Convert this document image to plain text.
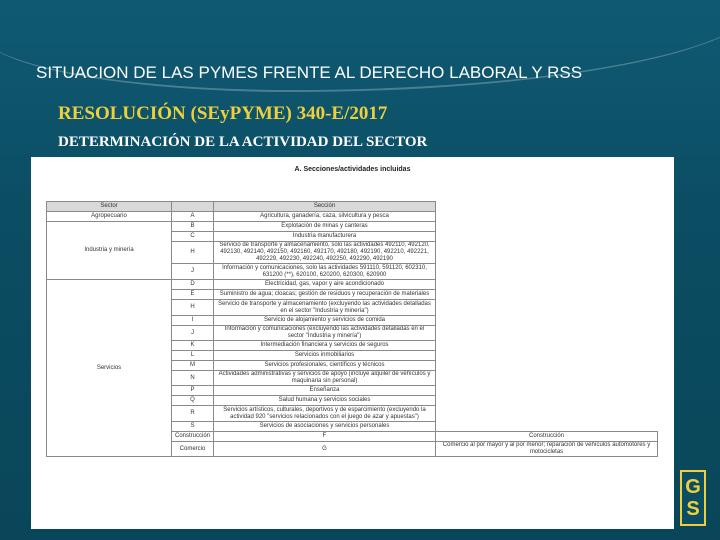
SITUACION DE LAS PYMES FRENTE AL DERECHO LABORAL Y RSS
RESOLUCIÓN (SEyPYME) 340-E/2017
DETERMINACIÓN DE LA ACTIVIDAD DEL SECTOR
A. Secciones/actividades incluidas
Sector		Sección	
Agropecuario	A	Agricultura, ganadería, caza, silvicultura y pesca	
Industria y minería	B	Explotación de minas y canteras	
	C	Industria manufacturera	
	H	Servicio de transporte y almacenamiento, solo las actividades 492110, 492120, 492130, 492140, 492150, 492160, 492170, 492180, 492190, 492210, 492221, 492229, 492230, 492240, 492250, 492290, 492190	
	J	Información y comunicaciones, solo las actividades 591110, 591120, 602310, 631200 (**), 620100, 620200, 620300, 620900	
Servicios	D	Electricidad, gas, vapor y aire acondicionado	
	E	Suministro de agua; cloacas; gestión de residuos y recuperación de materiales	
	H	Servicio de transporte y almacenamiento (excluyendo las actividades detalladas en el sector "Industria y minería")	
	I	Servicio de alojamiento y servicios de comida	
	J	Información y comunicaciones (excluyendo las actividades detalladas en el sector "Industria y minería")	
	K	Intermediación financiera y servicios de seguros	
	L	Servicios inmobiliarios	
	M	Servicios profesionales, científicos y técnicos	
	N	Actividades administrativas y servicios de apoyo (incluye alquiler de vehículos y maquinaria sin personal)	
	P	Enseñanza	
	Q	Salud humana y servicios sociales	
	R	Servicios artísticos, culturales, deportivos y de esparcimiento (excluyendo la actividad 920 "servicios relacionados con el juego de azar y apuestas")	
	S	Servicios de asociaciones y servicios personales	
	Construcción	F	Construcción
	Comercio	G	Comercio al por mayor y al por menor; reparación de vehículos automotores y motocicletas
G
S
